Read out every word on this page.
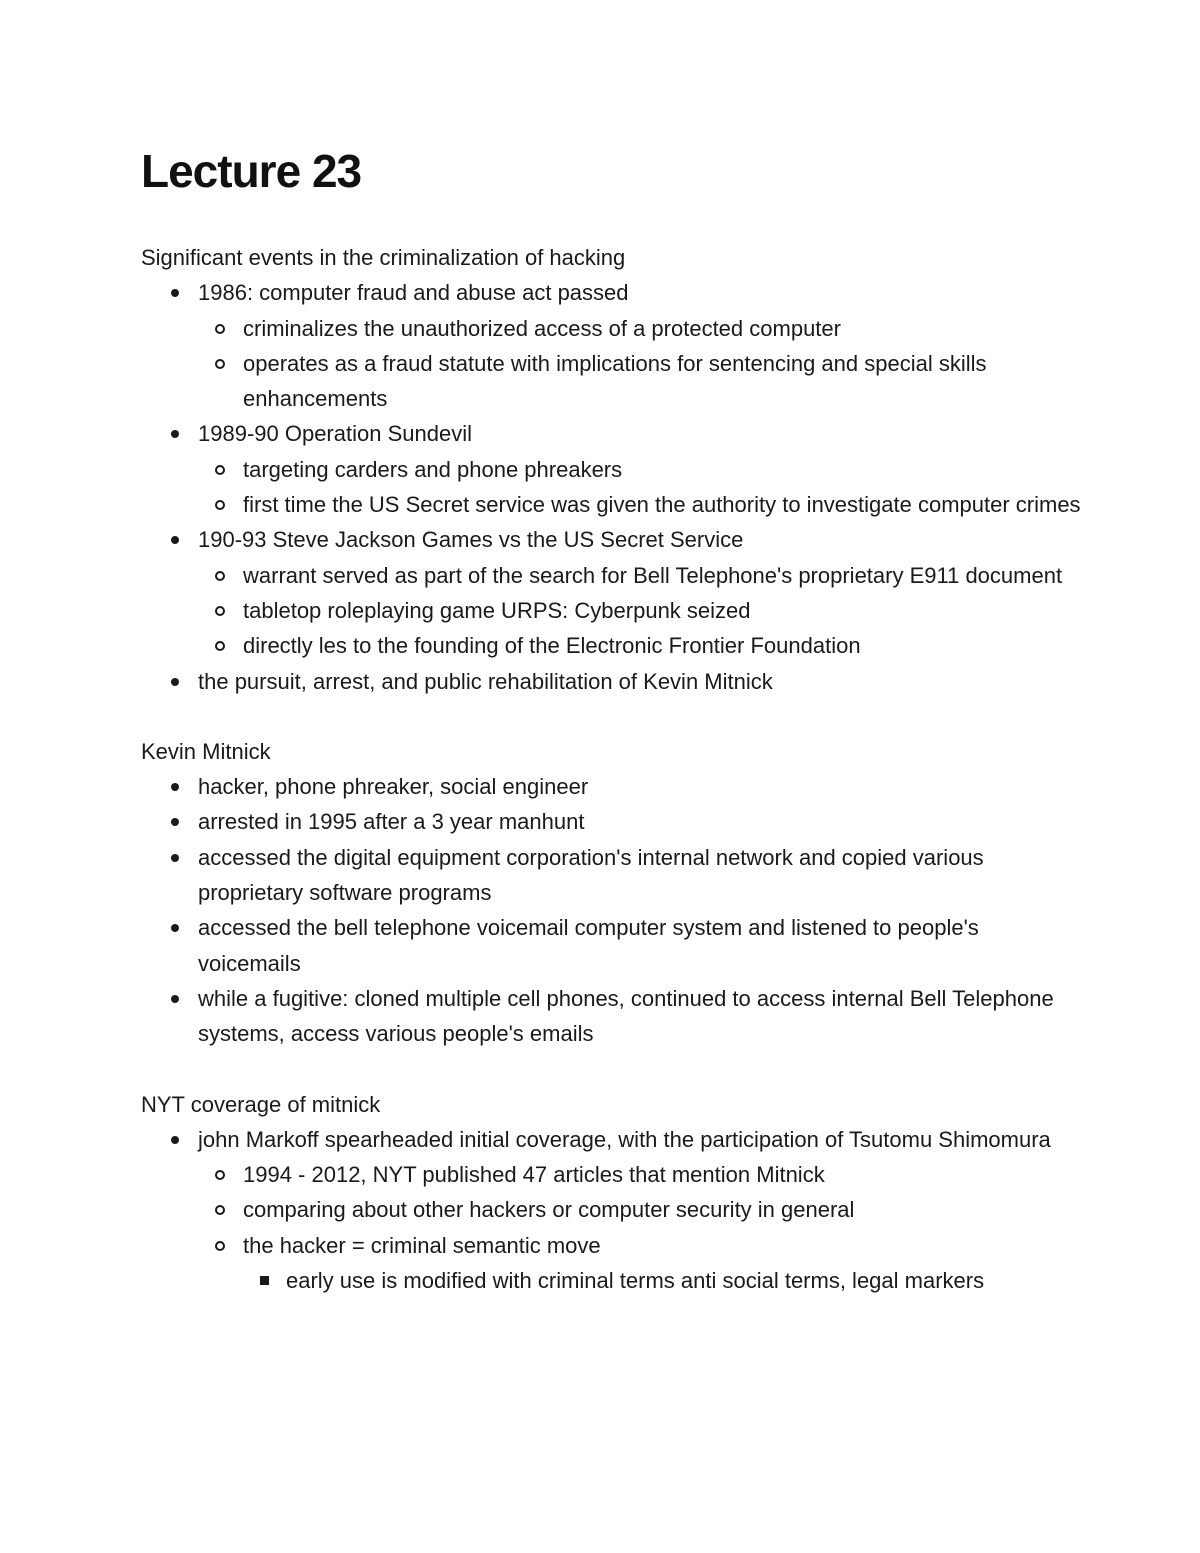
Lecture 23

Significant events in the criminalization of hacking

1986: computer fraud and abuse act passed
criminalizes the unauthorized access of a protected computer
operates as a fraud statute with implications for sentencing and special skills enhancements
1989-90 Operation Sundevil
targeting carders and phone phreakers
first time the US Secret service was given the authority to investigate computer crimes
190-93 Steve Jackson Games vs the US Secret Service
warrant served as part of the search for Bell Telephone's proprietary E911 document
tabletop roleplaying game URPS: Cyberpunk seized
directly les to the founding of the Electronic Frontier Foundation
the pursuit, arrest, and public rehabilitation of Kevin Mitnick

Kevin Mitnick

hacker, phone phreaker, social engineer
arrested in 1995 after a 3 year manhunt
accessed the digital equipment corporation's internal network and copied various proprietary software programs
accessed the bell telephone voicemail computer system and listened to people's voicemails
while a fugitive: cloned multiple cell phones, continued to access internal Bell Telephone systems, access various people's emails

NYT coverage of mitnick

john Markoff spearheaded initial coverage, with the participation of Tsutomu Shimomura
1994 - 2012, NYT published 47 articles that mention Mitnick
comparing about other hackers or computer security in general
the hacker = criminal semantic move
early use is modified with criminal terms anti social terms, legal markers
